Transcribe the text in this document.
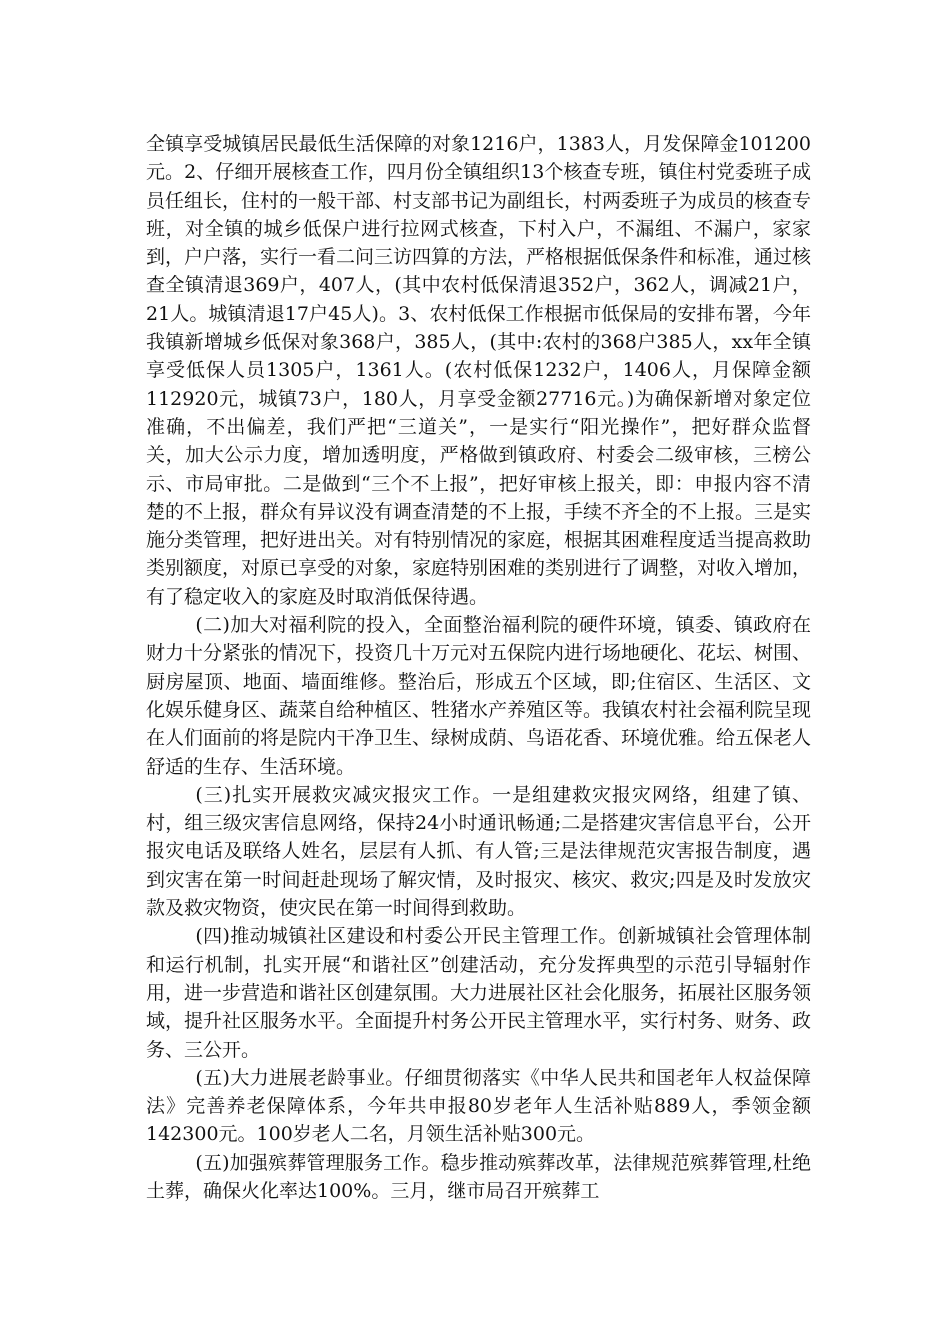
全镇享受城镇居民最低生活保障的对象1216户，1383人，月发保障金101200元。2、仔细开展核查工作，四月份全镇组织13个核查专班，镇住村党委班子成员任组长，住村的一般干部、村支部书记为副组长，村两委班子为成员的核查专班，对全镇的城乡低保户进行拉网式核查，下村入户，不漏组、不漏户，家家到，户户落，实行一看二问三访四算的方法，严格根据低保条件和标准，通过核查全镇清退369户，407人，(其中农村低保清退352户，362人，调减21户，21人。城镇清退17户45人)。3、农村低保工作根据市低保局的安排布署，今年我镇新增城乡低保对象368户，385人，(其中:农村的368户385人，xx年全镇享受低保人员1305户，1361人。(农村低保1232户，1406人，月保障金额112920元，城镇73户，180人，月享受金额27716元。)为确保新增对象定位准确，不出偏差，我们严把“三道关”，一是实行“阳光操作”，把好群众监督关，加大公示力度，增加透明度，严格做到镇政府、村委会二级审核，三榜公示、市局审批。二是做到“三个不上报”，把好审核上报关，即：申报内容不清楚的不上报，群众有异议没有调查清楚的不上报，手续不齐全的不上报。三是实施分类管理，把好进出关。对有特别情况的家庭，根据其困难程度适当提高救助类别额度，对原已享受的对象，家庭特别困难的类别进行了调整，对收入增加，有了稳定收入的家庭及时取消低保待遇。

(二)加大对福利院的投入，全面整治福利院的硬件环境，镇委、镇政府在财力十分紧张的情况下，投资几十万元对五保院内进行场地硬化、花坛、树围、厨房屋顶、地面、墙面维修。整治后，形成五个区域，即;住宿区、生活区、文化娱乐健身区、蔬菜自给种植区、牲猪水产养殖区等。我镇农村社会福利院呈现在人们面前的将是院内干净卫生、绿树成荫、鸟语花香、环境优雅。给五保老人舒适的生存、生活环境。

(三)扎实开展救灾减灾报灾工作。一是组建救灾报灾网络，组建了镇、村，组三级灾害信息网络，保持24小时通讯畅通;二是搭建灾害信息平台，公开报灾电话及联络人姓名，层层有人抓、有人管;三是法律规范灾害报告制度，遇到灾害在第一时间赶赴现场了解灾情，及时报灾、核灾、救灾;四是及时发放灾款及救灾物资，使灾民在第一时间得到救助。

(四)推动城镇社区建设和村委公开民主管理工作。创新城镇社会管理体制和运行机制，扎实开展“和谐社区”创建活动，充分发挥典型的示范引导辐射作用，进一步营造和谐社区创建氛围。大力进展社区社会化服务，拓展社区服务领域，提升社区服务水平。全面提升村务公开民主管理水平，实行村务、财务、政务、三公开。

(五)大力进展老龄事业。仔细贯彻落实《中华人民共和国老年人权益保障法》完善养老保障体系，今年共申报80岁老年人生活补贴889人，季领金额142300元。100岁老人二名，月领生活补贴300元。

(五)加强殡葬管理服务工作。稳步推动殡葬改革，法律规范殡葬管理,杜绝土葬，确保火化率达100%。三月，继市局召开殡葬工
